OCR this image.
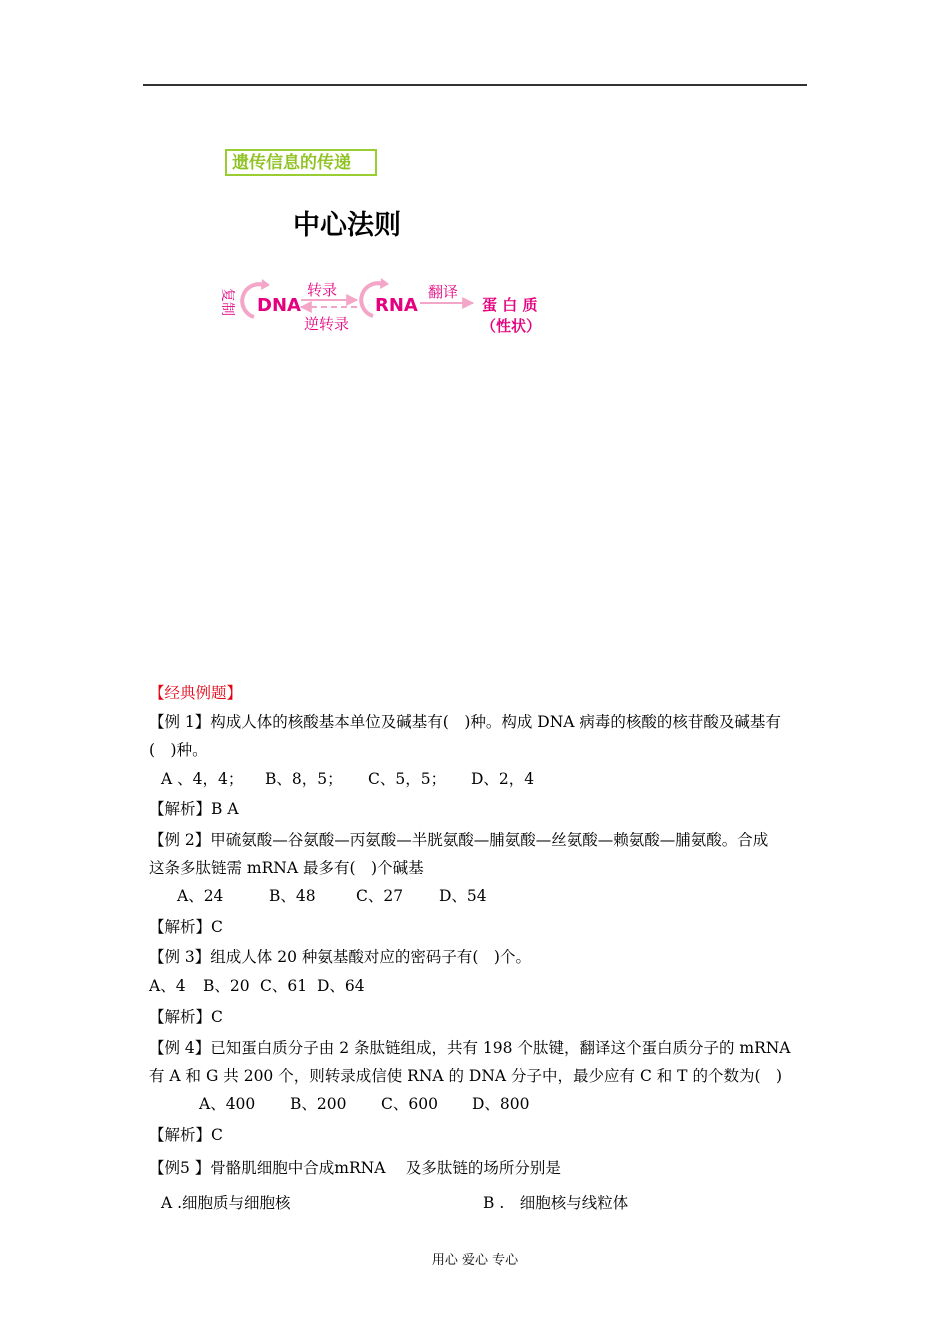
遗传信息的传递
中心法则
复制 DNA
转录
逆转录
RNA
翻译
蛋 白 质
（性状）
【经典例题】
【例 1】构成人体的核酸基本单位及碱基有(　)种。构成 DNA 病毒的核酸的核苷酸及碱基有
(　)种。
A 、4，4； B、8，5； C、5，5； D、2，4
【解析】B A
【例 2】甲硫氨酸—谷氨酸—丙氨酸—半胱氨酸—脯氨酸—丝氨酸—赖氨酸—脯氨酸。合成
这条多肽链需 mRNA 最多有(　)个碱基
A、24	B、48	C、27 D、54
【解析】C
【例 3】组成人体 20 种氨基酸对应的密码子有(　)个。
A、4 B、20 C、61 D、64
【解析】C
【例 4】已知蛋白质分子由 2 条肽链组成，共有 198 个肽键，翻译这个蛋白质分子的 mRNA
有 A 和 G 共 200 个，则转录成信使 RNA 的 DNA 分子中，最少应有 C 和 T 的个数为(　)
A、400 B、200 C、600 D、800
【解析】C
【例5 】骨骼肌细胞中合成mRNA　 及多肽链的场所分别是
A .细胞质与细胞核	B .　细胞核与线粒体
用心 爱心 专心
